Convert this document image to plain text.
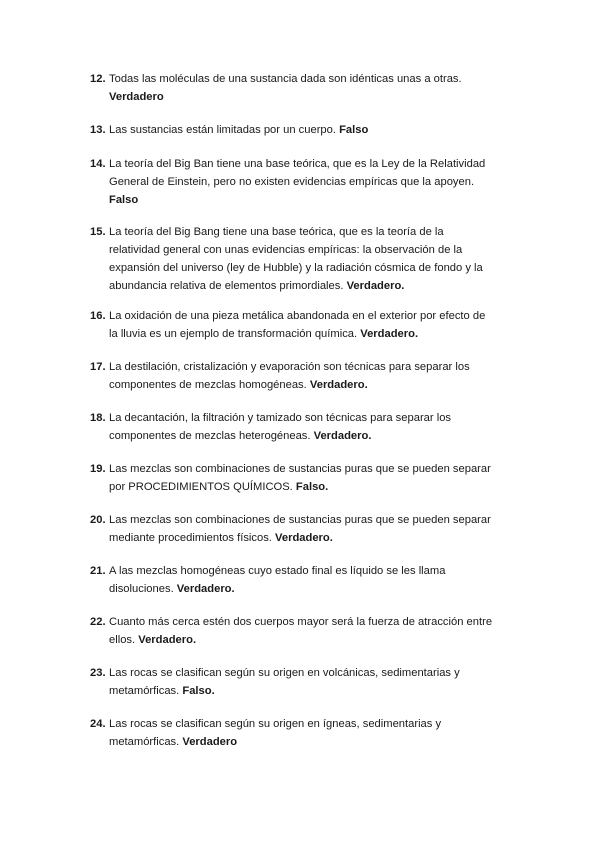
12. Todas las moléculas de una sustancia dada son idénticas unas a otras.
Verdadero
13. Las sustancias están limitadas por un cuerpo. Falso
14. La teoría del Big Ban tiene una base teórica, que es la Ley de la Relatividad
General de Einstein, pero no existen evidencias empíricas que la apoyen.
Falso
15. La teoría del Big Bang tiene una base teórica, que es la teoría de la
relatividad general con unas evidencias empíricas: la observación de la
expansión del universo (ley de Hubble) y la radiación cósmica de fondo y la
abundancia relativa de elementos primordiales. Verdadero.
16. La oxidación de una pieza metálica abandonada en el exterior por efecto de
la lluvia es un ejemplo de transformación química. Verdadero.
17. La destilación, cristalización y evaporación son técnicas para separar los
componentes de mezclas homogéneas. Verdadero.
18. La decantación, la filtración y tamizado son técnicas para separar los
componentes de mezclas heterogéneas. Verdadero.
19. Las mezclas son combinaciones de sustancias puras que se pueden separar
por PROCEDIMIENTOS QUÍMICOS. Falso.
20. Las mezclas son combinaciones de sustancias puras que se pueden separar
mediante procedimientos físicos. Verdadero.
21. A las mezclas homogéneas cuyo estado final es líquido se les llama
disoluciones. Verdadero.
22. Cuanto más cerca estén dos cuerpos mayor será la fuerza de atracción entre
ellos. Verdadero.
23. Las rocas se clasifican según su origen en volcánicas, sedimentarias y
metamórficas. Falso.
24. Las rocas se clasifican según su origen en ígneas, sedimentarias y
metamórficas. Verdadero
